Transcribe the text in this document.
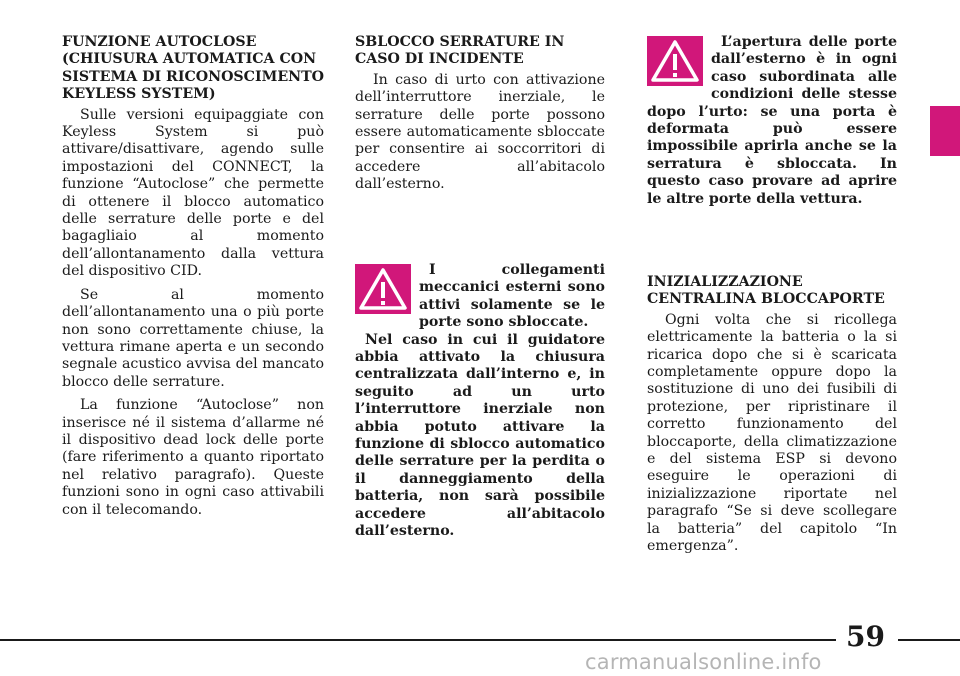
FUNZIONE AUTOCLOSE
(CHIUSURA AUTOMATICA CON SISTEMA DI RICONOSCIMENTO KEYLESS SYSTEM)

Sulle versioni equipaggiate con Keyless System si può attivare/disattivare, agendo sulle impostazioni del CONNECT, la funzione “Autoclose” che permette di ottenere il blocco automatico delle serrature delle porte e del bagagliaio al momento dell’allontanamento dalla vettura del dispositivo CID.

Se al momento dell’allontanamento una o più porte non sono correttamente chiuse, la vettura rimane aperta e un secondo segnale acustico avvisa del mancato blocco delle serrature.

La funzione “Autoclose” non inserisce né il sistema d’allarme né il dispositivo dead lock delle porte (fare riferimento a quanto riportato nel relativo paragrafo). Queste funzioni sono in ogni caso attivabili con il telecomando.

SBLOCCO SERRATURE IN CASO DI INCIDENTE

In caso di urto con attivazione dell’interruttore inerziale, le serrature delle porte possono essere automaticamente sbloccate per consentire ai soccorritori di accedere all’abitacolo dall’esterno.

I collegamenti meccanici esterni sono attivi solamente se le porte sono sbloccate.

Nel caso in cui il guidatore abbia attivato la chiusura centralizzata dall’interno e, in seguito ad un urto l’interruttore inerziale non abbia potuto attivare la funzione di sblocco automatico delle serrature per la perdita o il danneggiamento della batteria, non sarà possibile accedere all’abitacolo dall’esterno.

L’apertura delle porte dall’esterno è in ogni caso subordinata alle condizioni delle stesse dopo l’urto: se una porta è deformata può essere impossibile aprirla anche se la serratura è sbloccata. In questo caso provare ad aprire le altre porte della vettura.

INIZIALIZZAZIONE
CENTRALINA BLOCCAPORTE

Ogni volta che si ricollega elettricamente la batteria o la si ricarica dopo che si è scaricata completamente oppure dopo la sostituzione di uno dei fusibili di protezione, per ripristinare il corretto funzionamento del bloccaporte, della climatizzazione e del sistema ESP si devono eseguire le operazioni di inizializzazione riportate nel paragrafo “Se si deve scollegare la batteria” del capitolo “In emergenza”.

59
carmanualsonline.info
